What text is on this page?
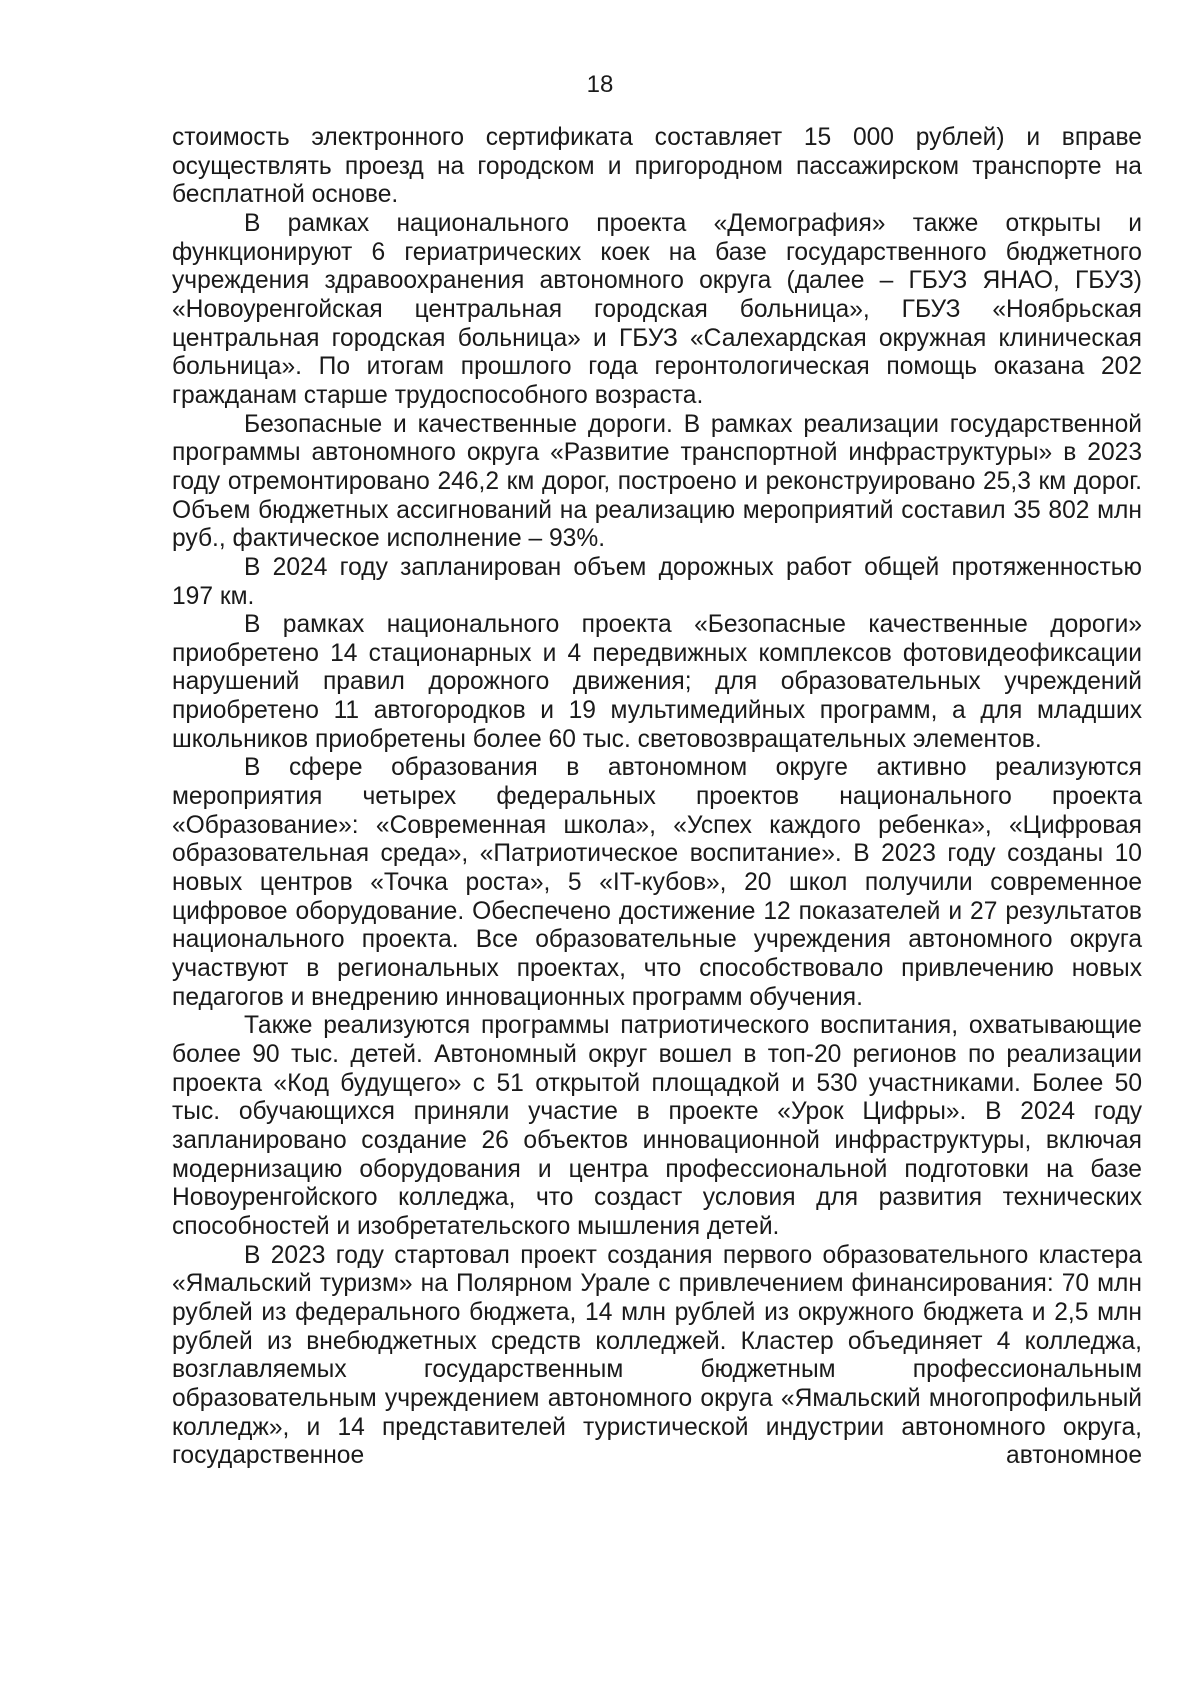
18

стоимость электронного сертификата составляет 15 000 рублей) и вправе осуществлять проезд на городском и пригородном пассажирском транспорте на бесплатной основе.

В рамках национального проекта «Демография» также открыты и функционируют 6 гериатрических коек на базе государственного бюджетного учреждения здравоохранения автономного округа (далее – ГБУЗ ЯНАО, ГБУЗ) «Новоуренгойская центральная городская больница», ГБУЗ «Ноябрьская центральная городская больница» и ГБУЗ «Салехардская окружная клиническая больница». По итогам прошлого года геронтологическая помощь оказана 202 гражданам старше трудоспособного возраста.

Безопасные и качественные дороги. В рамках реализации государственной программы автономного округа «Развитие транспортной инфраструктуры» в 2023 году отремонтировано 246,2 км дорог, построено и реконструировано 25,3 км дорог. Объем бюджетных ассигнований на реализацию мероприятий составил 35 802 млн руб., фактическое исполнение – 93%.

В 2024 году запланирован объем дорожных работ общей протяженностью 197 км.

В рамках национального проекта «Безопасные качественные дороги» приобретено 14 стационарных и 4 передвижных комплексов фотовидеофиксации нарушений правил дорожного движения; для образовательных учреждений приобретено 11 автогородков и 19 мультимедийных программ, а для младших школьников приобретены более 60 тыс. световозвращательных элементов.

В сфере образования в автономном округе активно реализуются мероприятия четырех федеральных проектов национального проекта «Образование»: «Современная школа», «Успех каждого ребенка», «Цифровая образовательная среда», «Патриотическое воспитание». В 2023 году созданы 10 новых центров «Точка роста», 5 «IT-кубов», 20 школ получили современное цифровое оборудование. Обеспечено достижение 12 показателей и 27 результатов национального проекта. Все образовательные учреждения автономного округа участвуют в региональных проектах, что способствовало привлечению новых педагогов и внедрению инновационных программ обучения.

Также реализуются программы патриотического воспитания, охватывающие более 90 тыс. детей. Автономный округ вошел в топ-20 регионов по реализации проекта «Код будущего» с 51 открытой площадкой и 530 участниками. Более 50 тыс. обучающихся приняли участие в проекте «Урок Цифры». В 2024 году запланировано создание 26 объектов инновационной инфраструктуры, включая модернизацию оборудования и центра профессиональной подготовки на базе Новоуренгойского колледжа, что создаст условия для развития технических способностей и изобретательского мышления детей.

В 2023 году стартовал проект создания первого образовательного кластера «Ямальский туризм» на Полярном Урале с привлечением финансирования: 70 млн рублей из федерального бюджета, 14 млн рублей из окружного бюджета и 2,5 млн рублей из внебюджетных средств колледжей. Кластер объединяет 4 колледжа, возглавляемых государственным бюджетным профессиональным образовательным учреждением автономного округа «Ямальский многопрофильный колледж», и 14 представителей туристической индустрии автономного округа, государственное автономное
